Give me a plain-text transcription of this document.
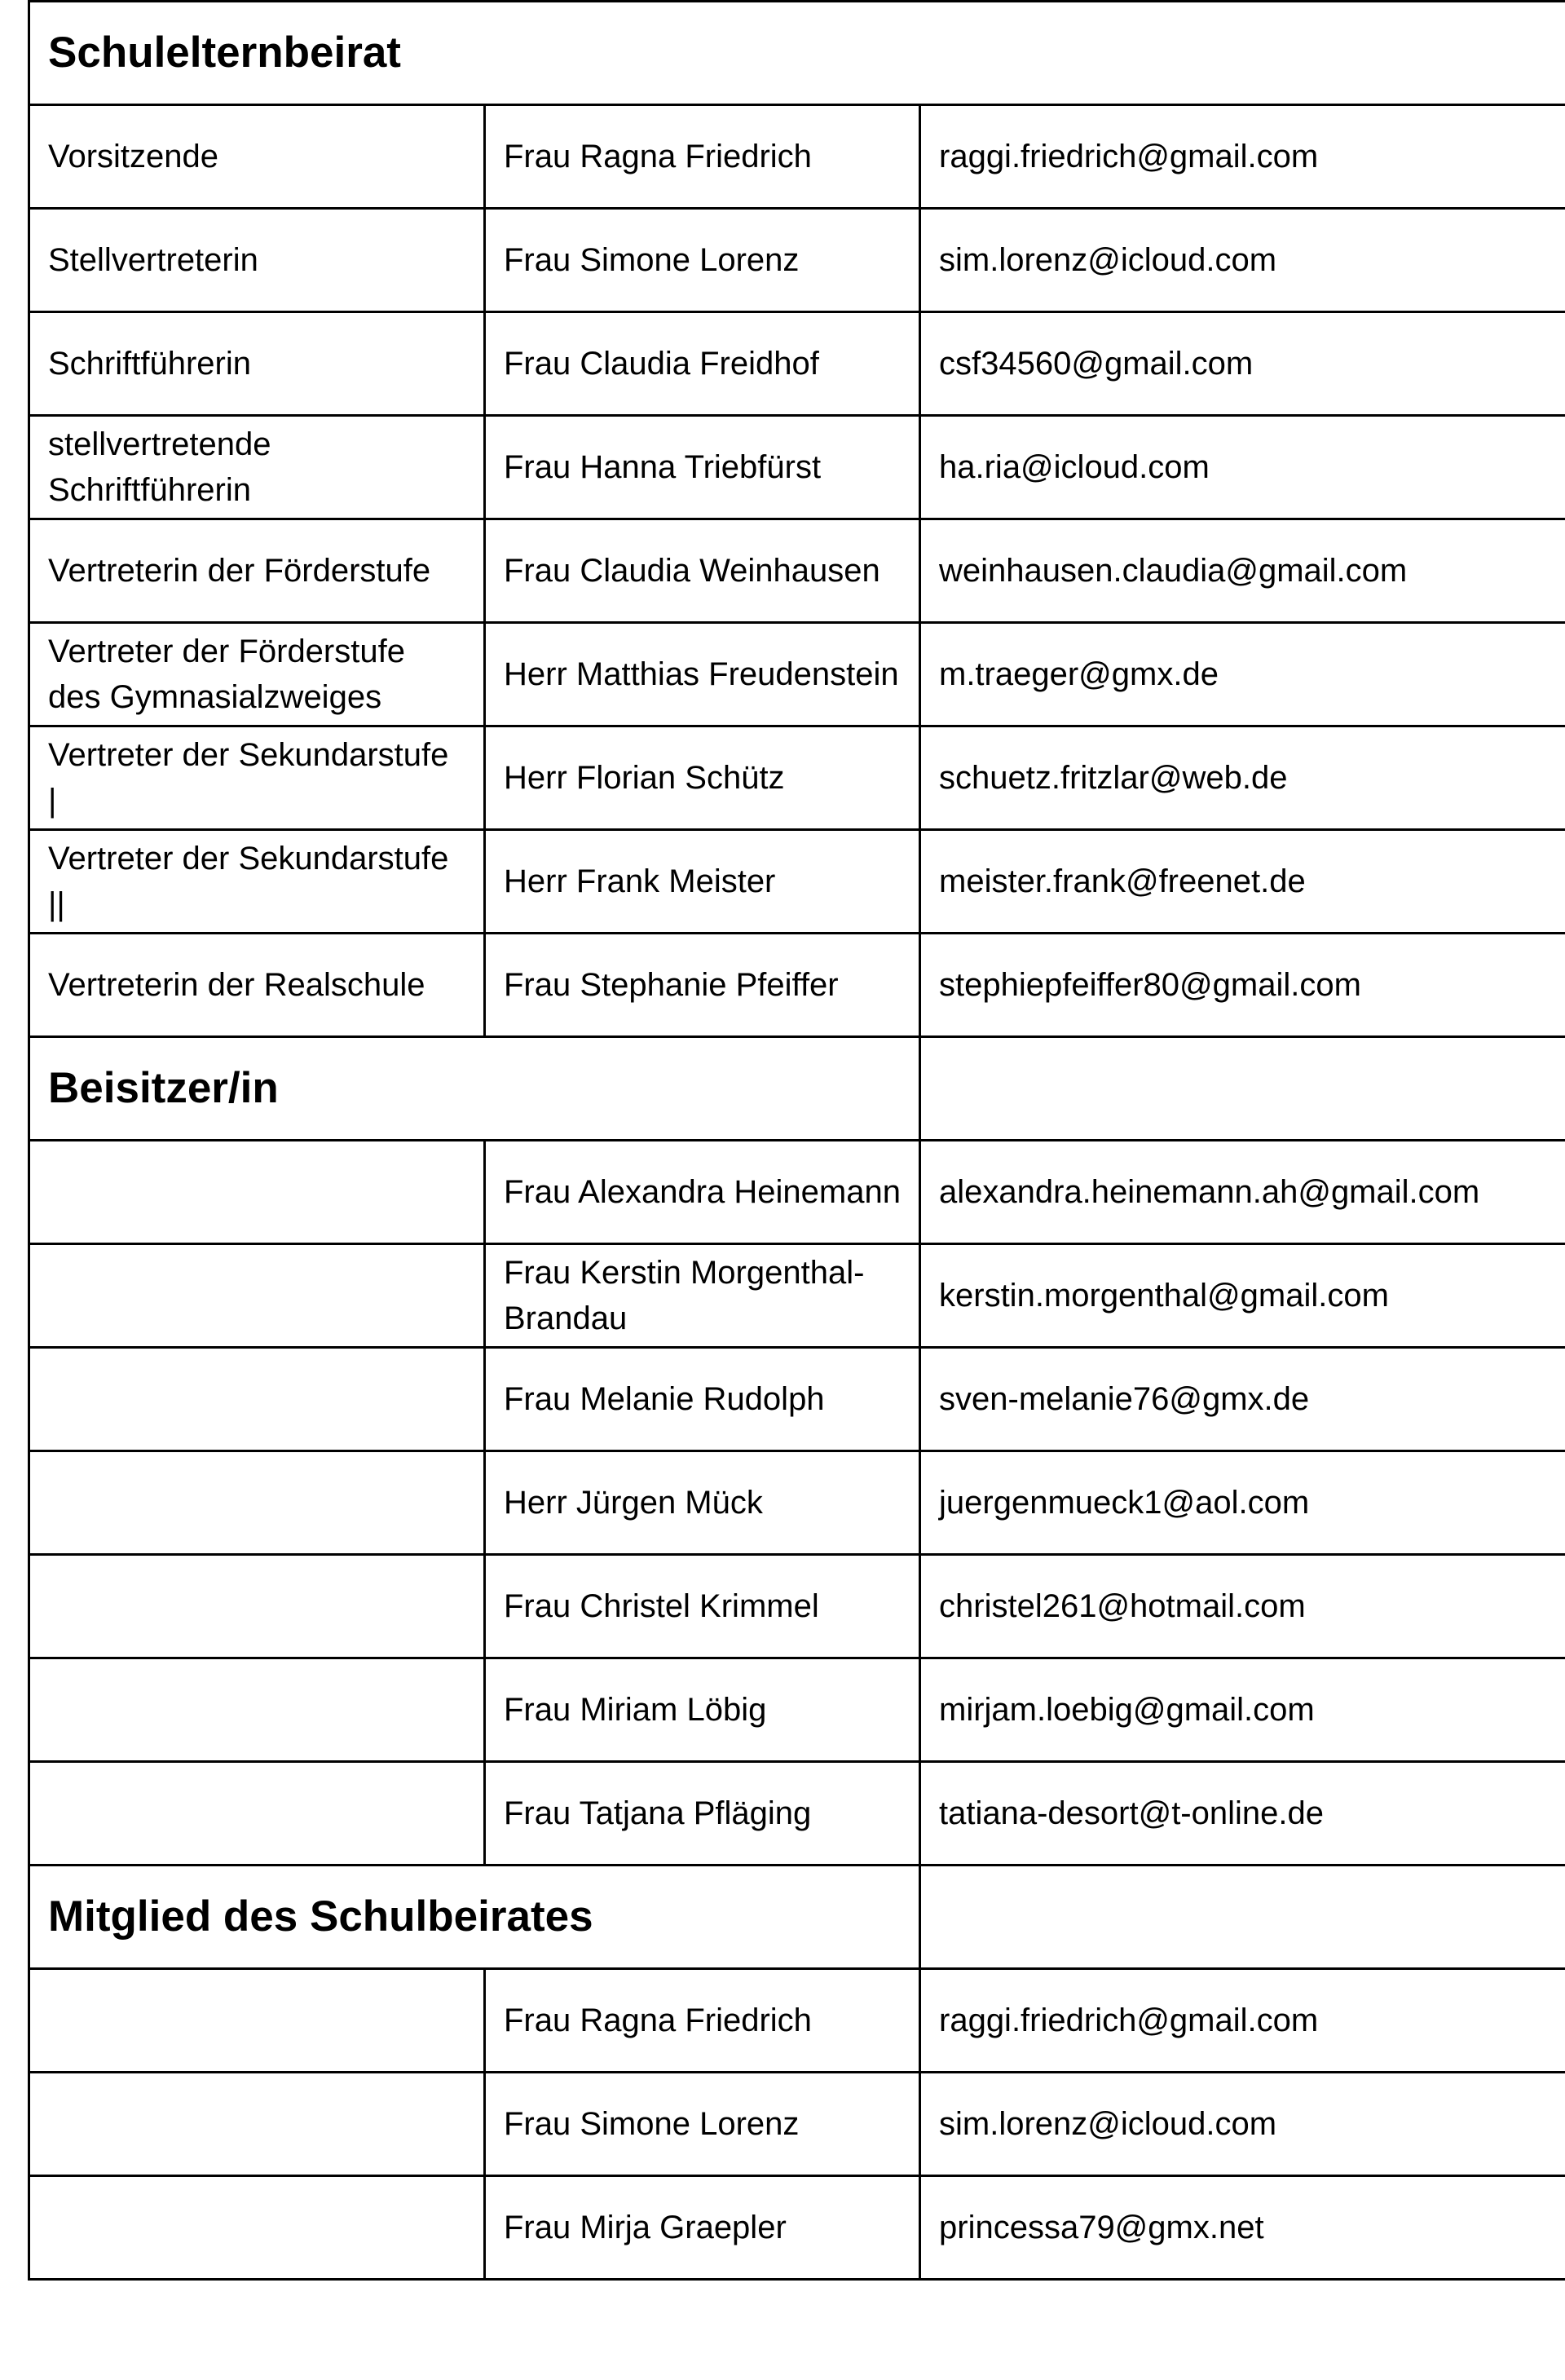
Schulelternbeirat		
Vorsitzende	Frau Ragna Friedrich	raggi.friedrich@gmail.com
Stellvertreterin	Frau Simone Lorenz	sim.lorenz@icloud.com
Schriftführerin	Frau Claudia Freidhof	csf34560@gmail.com
stellvertretende Schriftführerin	Frau Hanna Triebfürst	ha.ria@icloud.com
Vertreterin der Förderstufe	Frau Claudia Weinhausen	weinhausen.claudia@gmail.com
Vertreter der Förderstufe des Gymnasialzweiges	Herr Matthias Freudenstein	m.traeger@gmx.de
Vertreter der Sekundarstufe |	Herr Florian Schütz	schuetz.fritzlar@web.de
Vertreter der Sekundarstufe ||	Herr Frank Meister	meister.frank@freenet.de
Vertreterin der Realschule	Frau Stephanie Pfeiffer	stephiepfeiffer80@gmail.com
Beisitzer/in		
	Frau Alexandra Heinemann	alexandra.heinemann.ah@gmail.com
	Frau Kerstin Morgenthal-Brandau	kerstin.morgenthal@gmail.com
	Frau Melanie Rudolph	sven-melanie76@gmx.de
	Herr Jürgen Mück	juergenmueck1@aol.com
	Frau Christel Krimmel	christel261@hotmail.com
	Frau Miriam Löbig	mirjam.loebig@gmail.com
	Frau Tatjana Pfläging	tatiana-desort@t-online.de
Mitglied des Schulbeirates		
	Frau Ragna Friedrich	raggi.friedrich@gmail.com
	Frau Simone Lorenz	sim.lorenz@icloud.com
	Frau Mirja Graepler	princessa79@gmx.net
